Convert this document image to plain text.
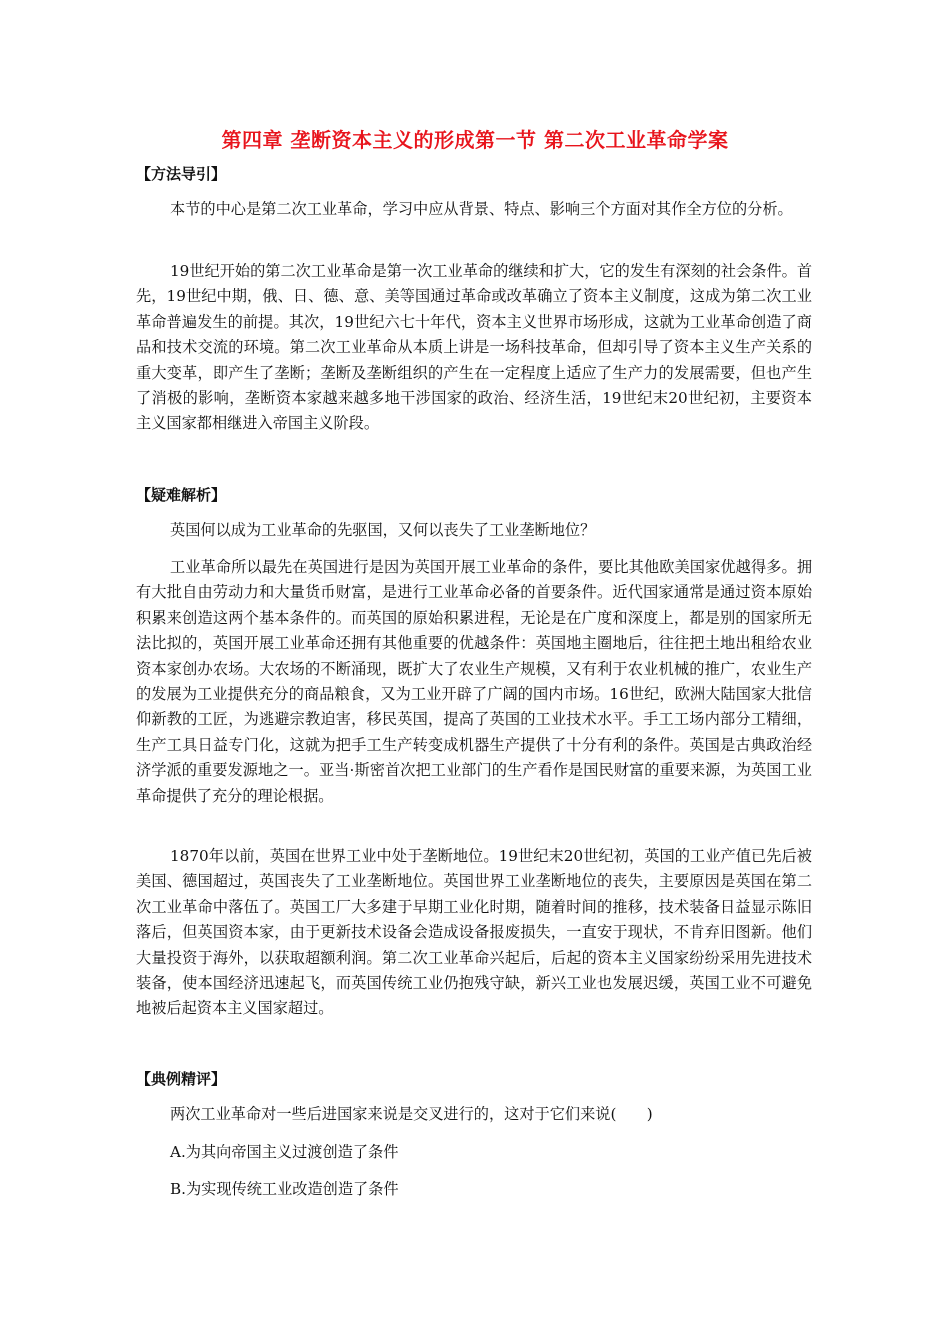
第四章 垄断资本主义的形成第一节 第二次工业革命学案
【方法导引】

本节的中心是第二次工业革命，学习中应从背景、特点、影响三个方面对其作全方位的分析。

19世纪开始的第二次工业革命是第一次工业革命的继续和扩大，它的发生有深刻的社会条件。首先，19世纪中期，俄、日、德、意、美等国通过革命或改革确立了资本主义制度，这成为第二次工业革命普遍发生的前提。其次，19世纪六七十年代，资本主义世界市场形成，这就为工业革命创造了商品和技术交流的环境。第二次工业革命从本质上讲是一场科技革命，但却引导了资本主义生产关系的重大变革，即产生了垄断；垄断及垄断组织的产生在一定程度上适应了生产力的发展需要，但也产生了消极的影响，垄断资本家越来越多地干涉国家的政治、经济生活，19世纪末20世纪初，主要资本主义国家都相继进入帝国主义阶段。

【疑难解析】

英国何以成为工业革命的先驱国，又何以丧失了工业垄断地位？

工业革命所以最先在英国进行是因为英国开展工业革命的条件，要比其他欧美国家优越得多。拥有大批自由劳动力和大量货币财富，是进行工业革命必备的首要条件。近代国家通常是通过资本原始积累来创造这两个基本条件的。而英国的原始积累进程，无论是在广度和深度上，都是别的国家所无法比拟的，英国开展工业革命还拥有其他重要的优越条件：英国地主圈地后，往往把土地出租给农业资本家创办农场。大农场的不断涌现，既扩大了农业生产规模，又有利于农业机械的推广，农业生产的发展为工业提供充分的商品粮食，又为工业开辟了广阔的国内市场。16世纪，欧洲大陆国家大批信仰新教的工匠，为逃避宗教迫害，移民英国，提高了英国的工业技术水平。手工工场内部分工精细，生产工具日益专门化，这就为把手工生产转变成机器生产提供了十分有利的条件。英国是古典政治经济学派的重要发源地之一。亚当·斯密首次把工业部门的生产看作是国民财富的重要来源，为英国工业革命提供了充分的理论根据。

1870年以前，英国在世界工业中处于垄断地位。19世纪末20世纪初，英国的工业产值已先后被美国、德国超过，英国丧失了工业垄断地位。英国世界工业垄断地位的丧失，主要原因是英国在第二次工业革命中落伍了。英国工厂大多建于早期工业化时期，随着时间的推移，技术装备日益显示陈旧落后，但英国资本家，由于更新技术设备会造成设备报废损失，一直安于现状，不肯弃旧图新。他们大量投资于海外，以获取超额利润。第二次工业革命兴起后，后起的资本主义国家纷纷采用先进技术装备，使本国经济迅速起飞，而英国传统工业仍抱残守缺，新兴工业也发展迟缓，英国工业不可避免地被后起资本主义国家超过。

【典例精评】
两次工业革命对一些后进国家来说是交叉进行的，这对于它们来说(　　)
A.为其向帝国主义过渡创造了条件
B.为实现传统工业改造创造了条件
